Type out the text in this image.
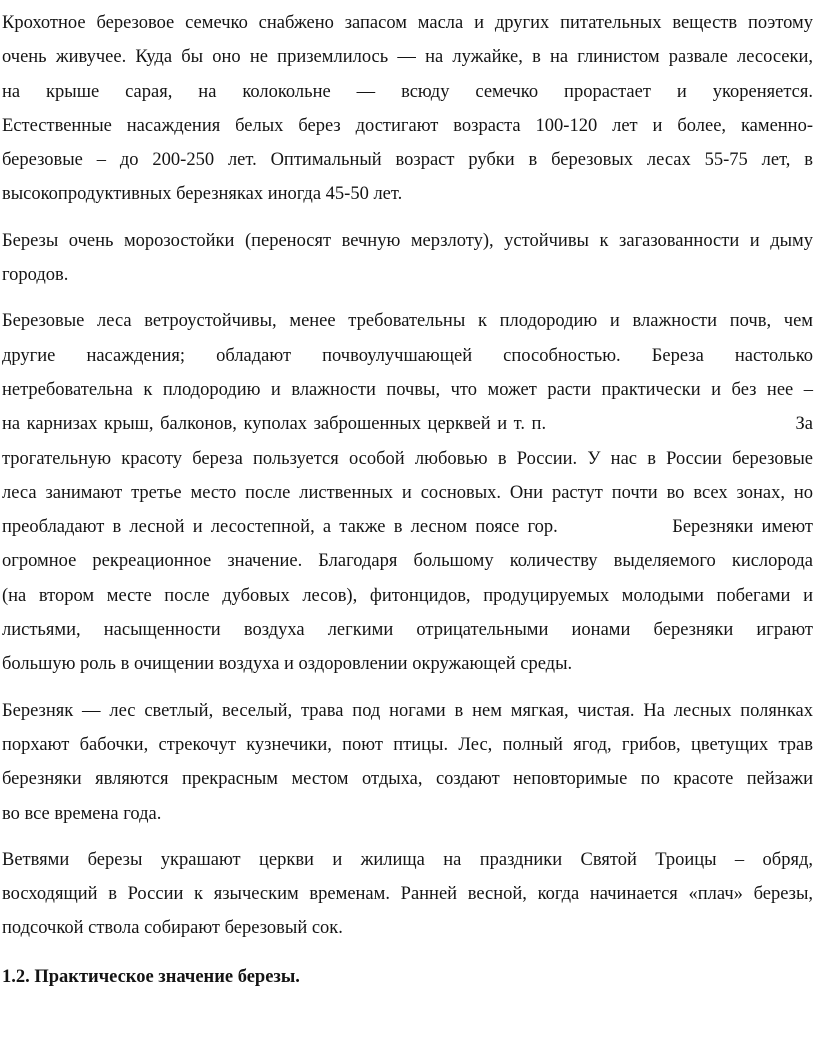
Крохотное березовое семечко снабжено запасом масла и других питательных веществ поэтому
очень живучее. Куда бы оно не приземлилось — на лужайке, в на глинистом развале лесосеки,
на крыше сарая, на колокольне — всюду семечко прорастает и укореняется.
Естественные насаждения белых берез достигают возраста 100-120 лет и более, каменно-
березовые – до 200-250 лет. Оптимальный возраст рубки в березовых лесах 55-75 лет, в
высокопродуктивных березняках иногда 45-50 лет.
Березы очень морозостойки (переносят вечную мерзлоту), устойчивы к загазованности и дыму
городов.
Березовые леса ветроустойчивы, менее требовательны к плодородию и влажности почв, чем
другие насаждения; обладают почвоулучшающей способностью. Береза настолько
нетребовательна к плодородию и влажности почвы, что может расти практически и без нее –
на карнизах крыш, балконов, куполах заброшенных церквей и т. п.                                      За
трогательную красоту береза пользуется особой любовью в России. У нас в России березовые
леса занимают третье место после лиственных и сосновых. Они растут почти во всех зонах, но
преобладают в лесной и лесостепной, а также в лесном поясе гор.              Березняки имеют
огромное рекреационное значение. Благодаря большому количеству выделяемого кислорода
(на втором месте после дубовых лесов), фитонцидов, продуцируемых молодыми побегами и
листьями, насыщенности воздуха легкими отрицательными ионами березняки играют
большую роль в очищении воздуха и оздоровлении окружающей среды.
Березняк — лес светлый, веселый, трава под ногами в нем мягкая, чистая. На лесных полянках
порхают бабочки, стрекочут кузнечики, поют птицы. Лес, полный ягод, грибов, цветущих трав
березняки являются прекрасным местом отдыха, создают неповторимые по красоте пейзажи
во все времена года.
Ветвями березы украшают церкви и жилища на праздники Святой Троицы – обряд,
восходящий в России к языческим временам. Ранней весной, когда начинается «плач» березы,
подсочкой ствола собирают березовый сок.
1.2. Практическое значение березы.
